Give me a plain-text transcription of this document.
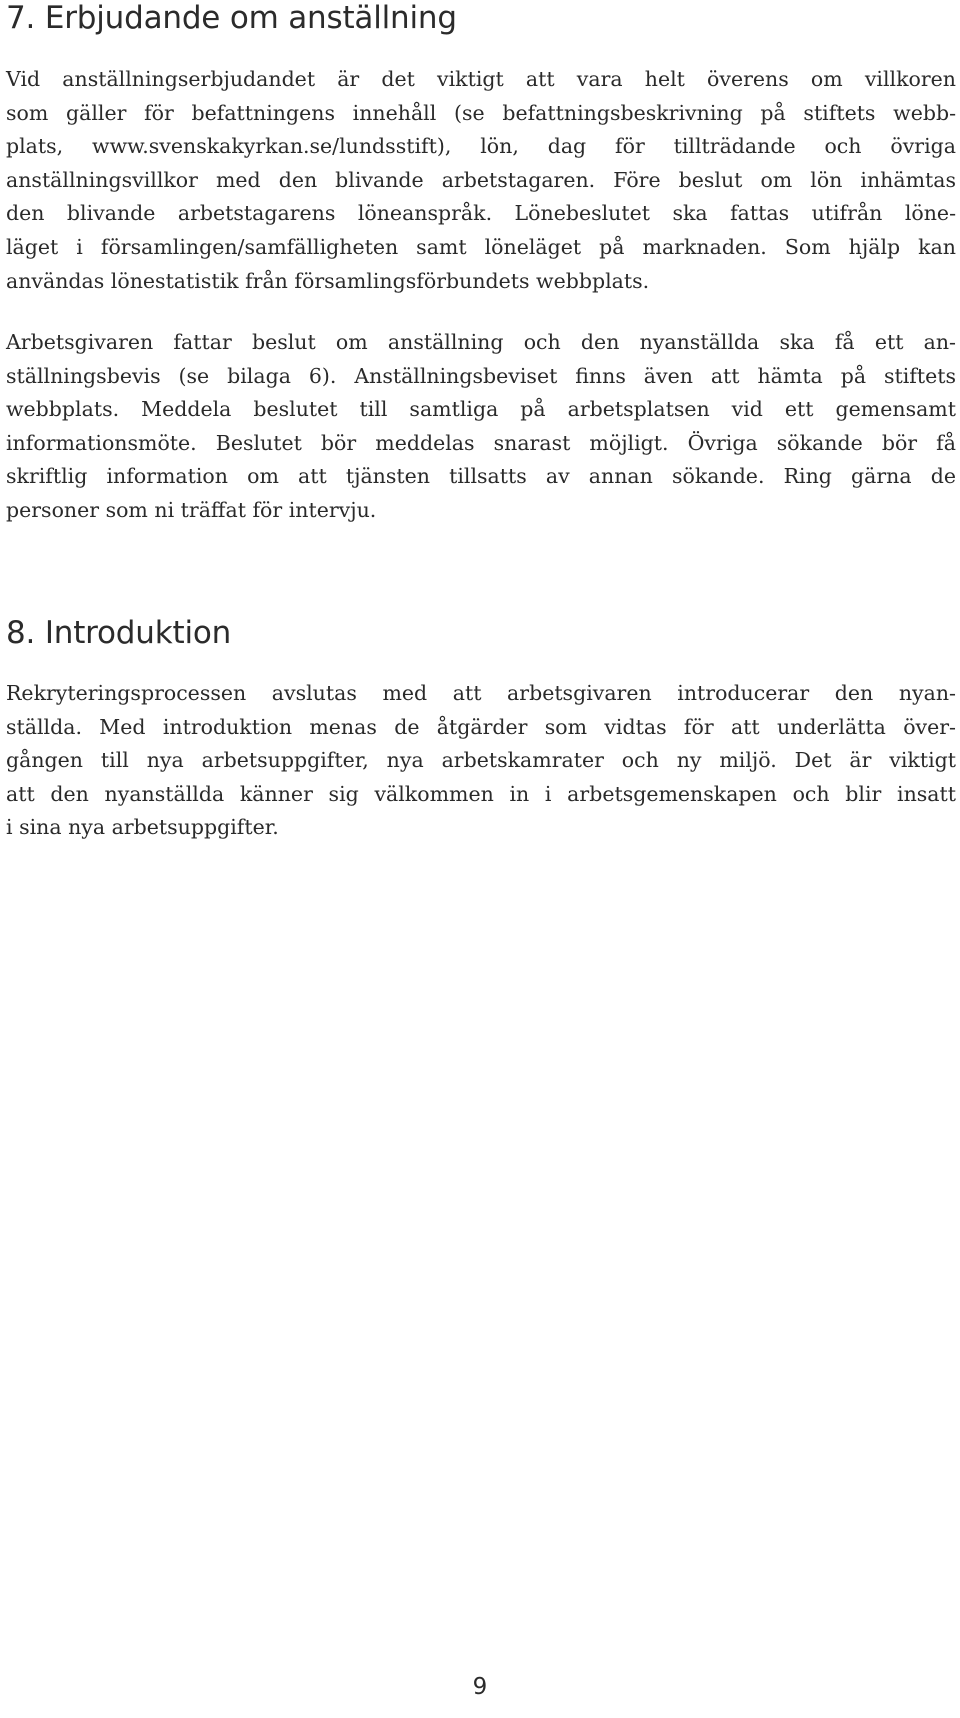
7. Erbjudande om anställning
Vid anställningserbjudandet är det viktigt att vara helt överens om villkoren
som gäller för befattningens innehåll (se befattningsbeskrivning på stiftets webb-
plats, www.svenskakyrkan.se/lundsstift), lön, dag för tillträdande och övriga
anställningsvillkor med den blivande arbetstagaren. Före beslut om lön inhämtas
den blivande arbetstagarens löneanspråk. Lönebeslutet ska fattas utifrån löne-
läget i församlingen/samfälligheten samt löneläget på marknaden. Som hjälp kan
användas lönestatistik från församlingsförbundets webbplats.
Arbetsgivaren fattar beslut om anställning och den nyanställda ska få ett an-
ställningsbevis (se bilaga 6). Anställningsbeviset finns även att hämta på stiftets
webbplats. Meddela beslutet till samtliga på arbetsplatsen vid ett gemensamt
informationsmöte. Beslutet bör meddelas snarast möjligt. Övriga sökande bör få
skriftlig information om att tjänsten tillsatts av annan sökande. Ring gärna de
personer som ni träffat för intervju.
8. Introduktion
Rekryteringsprocessen avslutas med att arbetsgivaren introducerar den nyan-
ställda. Med introduktion menas de åtgärder som vidtas för att underlätta över-
gången till nya arbetsuppgifter, nya arbetskamrater och ny miljö. Det är viktigt
att den nyanställda känner sig välkommen in i arbetsgemenskapen och blir insatt
i sina nya arbetsuppgifter.

9
